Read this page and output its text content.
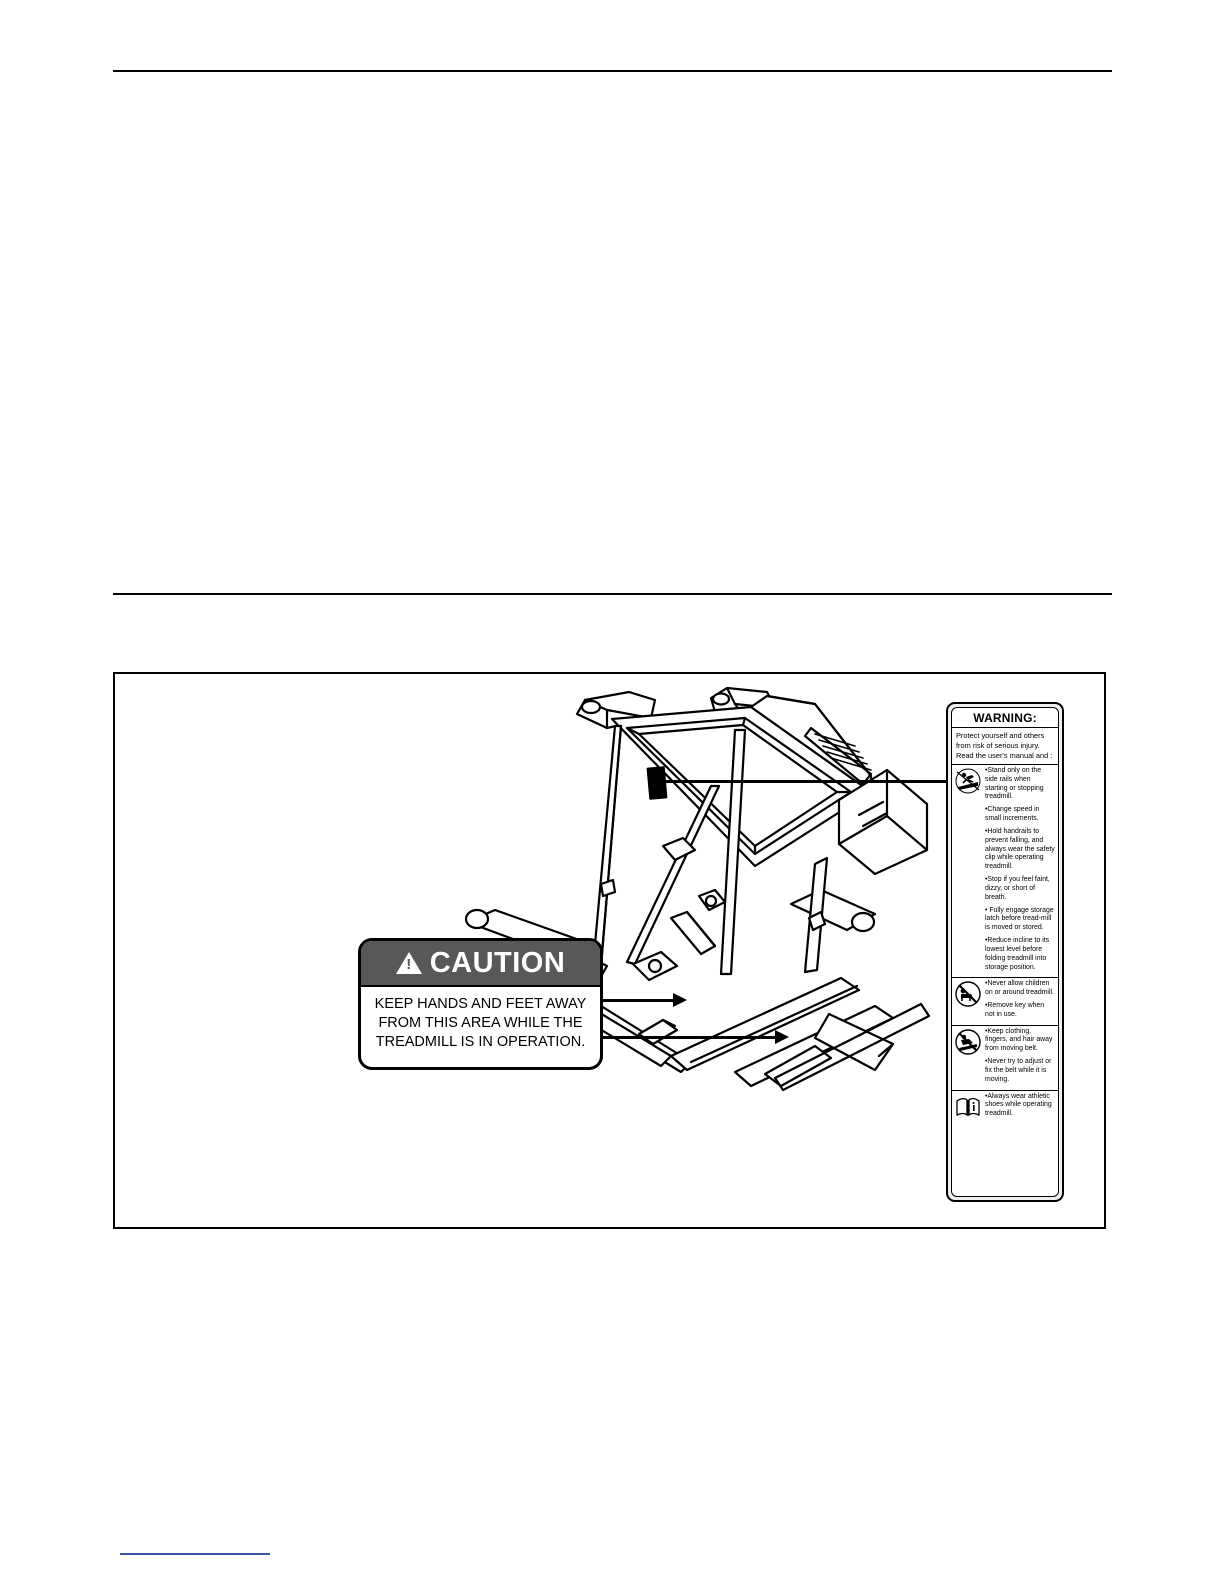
!
CAUTION
KEEP HANDS AND FEET AWAY
FROM THIS AREA WHILE THE
TREADMILL IS IN OPERATION.
WARNING:
Protect yourself and others from risk of serious injury. Read the user's manual and :

•Stand only on the side rails when starting or stopping treadmill.

•Change speed in small increments.

•Hold handrails to prevent falling, and always wear the safety clip while operating treadmill.

•Stop if you feel faint, dizzy, or short of breath.

• Fully engage storage latch before tread-mill is moved or stored.

•Reduce incline to its lowest level before folding treadmill into storage position.

•Never allow children on or around treadmill.

•Remove key when not in use.

•Keep clothing, fingers, and hair away from moving belt.

•Never try to adjust or fix the belt while it is moving.

•Always wear athletic shoes while operating treadmill.
